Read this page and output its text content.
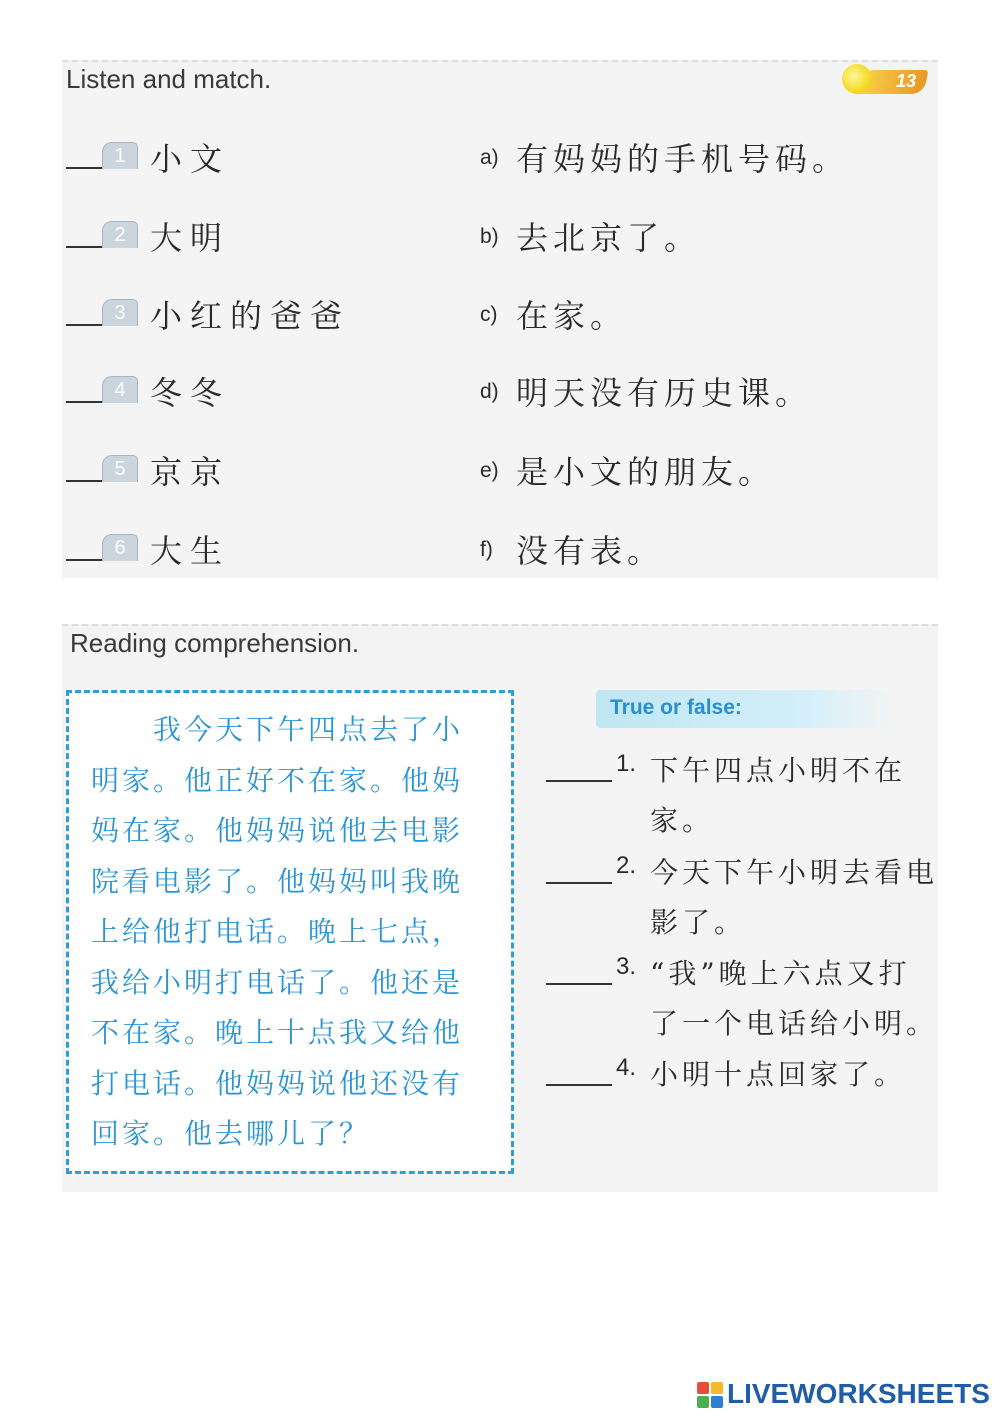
Listen and match.	13
1 小文	a) 有妈妈的手机号码。
2 大明	b) 去北京了。
3 小红的爸爸	c) 在家。
4 冬冬	d) 明天没有历史课。
5 京京	e) 是小文的朋友。
6 大生	f) 没有表。
Reading comprehension.

我今天下午四点去了小明家。他正好不在家。他妈妈在家。他妈妈说他去电影院看电影了。他妈妈叫我晚上给他打电话。晚上七点，我给小明打电话了。他还是不在家。晚上十点我又给他打电话。他妈妈说他还没有回家。他去哪儿了？

True or false:
1. 下午四点小明不在家。

2. 今天下午小明去看电影了。

3. “我”晚上六点又打了一个电话给小明。

4. 小明十点回家了。

LIVEWORKSHEETS
